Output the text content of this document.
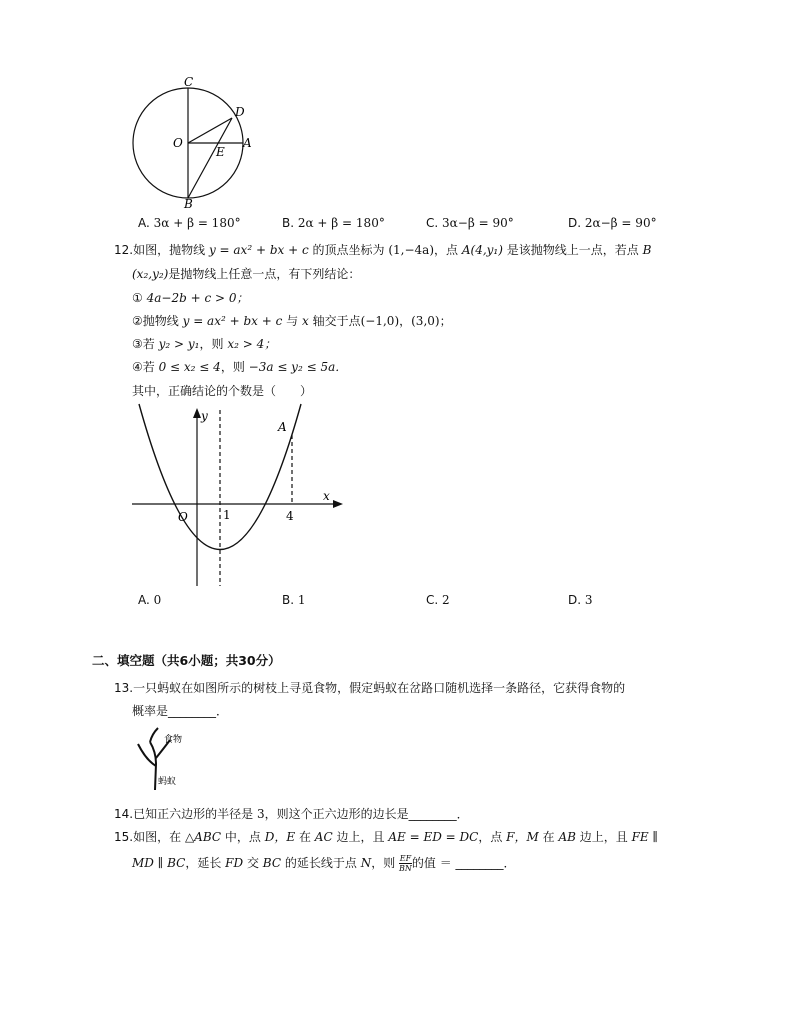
C
D
O	A
E
B
A. 3α + β = 180°	B. 2α + β = 180°	C. 3α−β = 90°	D. 2α−β = 90°
12.如图，抛物线 y = ax² + bx + c 的顶点坐标为 (1,−4a)，点 A(4,y₁) 是该抛物线上一点，若点 B
(x₂,y₂)是抛物线上任意一点，有下列结论：
① 4a−2b + c > 0；
②抛物线 y = ax² + bx + c 与 x 轴交于点(−1,0)，(3,0)；
③若 y₂ > y₁，则 x₂ > 4；
④若 0 ≤ x₂ ≤ 4，则 −3a ≤ y₂ ≤ 5a．
其中，正确结论的个数是（　　）
y
x
O	1	4
A
A. 0	B. 1	C. 2	D. 3
二、填空题（共6小题；共30分）
13.一只蚂蚁在如图所示的树枝上寻觅食物，假定蚂蚁在岔路口随机选择一条路径，它获得食物的
概率是________．
食物
蚂蚁
14.已知正六边形的半径是 3，则这个正六边形的边长是________．
15.如图，在 △ABC 中，点 D，E 在 AC 边上，且 AE = ED = DC，点 F，M 在 AB 边上，且 FE ∥
MD ∥ BC，延长 FD 交 BC 的延长线于点 N，则 $\frac{EF}{BN}$ 的值 ＝ ________．
